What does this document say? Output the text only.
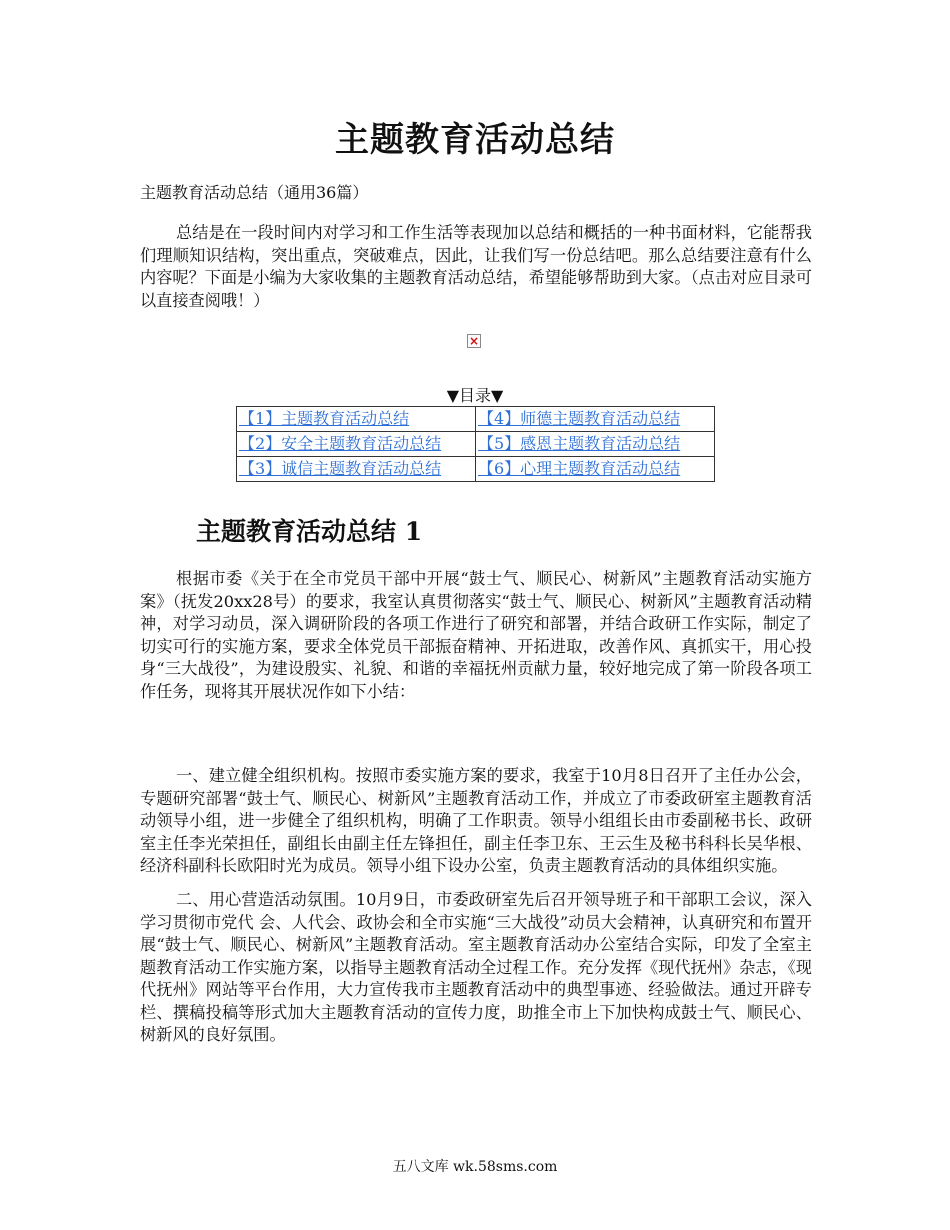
主题教育活动总结

主题教育活动总结（通用36篇）

总结是在一段时间内对学习和工作生活等表现加以总结和概括的一种书面材料，它能帮我们理顺知识结构，突出重点，突破难点，因此，让我们写一份总结吧。那么总结要注意有什么内容呢？下面是小编为大家收集的主题教育活动总结，希望能够帮助到大家。（点击对应目录可以直接查阅哦！）

×

▼目录▼

【1】主题教育活动总结	【4】师德主题教育活动总结
【2】安全主题教育活动总结	【5】感恩主题教育活动总结
【3】诚信主题教育活动总结	【6】心理主题教育活动总结
主题教育活动总结 1

根据市委《关于在全市党员干部中开展“鼓士气、顺民心、树新风”主题教育活动实施方案》（抚发20xx28号）的要求，我室认真贯彻落实“鼓士气、顺民心、树新风”主题教育活动精神，对学习动员，深入调研阶段的各项工作进行了研究和部署，并结合政研工作实际，制定了切实可行的实施方案，要求全体党员干部振奋精神、开拓进取，改善作风、真抓实干，用心投身“三大战役”，为建设殷实、礼貌、和谐的幸福抚州贡献力量，较好地完成了第一阶段各项工作任务，现将其开展状况作如下小结：

一、建立健全组织机构。按照市委实施方案的要求，我室于10月8日召开了主任办公会，专题研究部署“鼓士气、顺民心、树新风”主题教育活动工作，并成立了市委政研室主题教育活动领导小组，进一步健全了组织机构，明确了工作职责。领导小组组长由市委副秘书长、政研室主任李光荣担任，副组长由副主任左锋担任，副主任李卫东、王云生及秘书科科长吴华根、经济科副科长欧阳时光为成员。领导小组下设办公室，负责主题教育活动的具体组织实施。

二、用心营造活动氛围。10月9日，市委政研室先后召开领导班子和干部职工会议，深入学习贯彻市党代 会、人代会、政协会和全市实施“三大战役”动员大会精神，认真研究和布置开展“鼓士气、顺民心、树新风”主题教育活动。室主题教育活动办公室结合实际，印发了全室主题教育活动工作实施方案，以指导主题教育活动全过程工作。充分发挥《现代抚州》杂志，《现代抚州》网站等平台作用，大力宣传我市主题教育活动中的典型事迹、经验做法。通过开辟专栏、撰稿投稿等形式加大主题教育活动的宣传力度，助推全市上下加快构成鼓士气、顺民心、树新风的良好氛围。

五八文库 wk.58sms.com
